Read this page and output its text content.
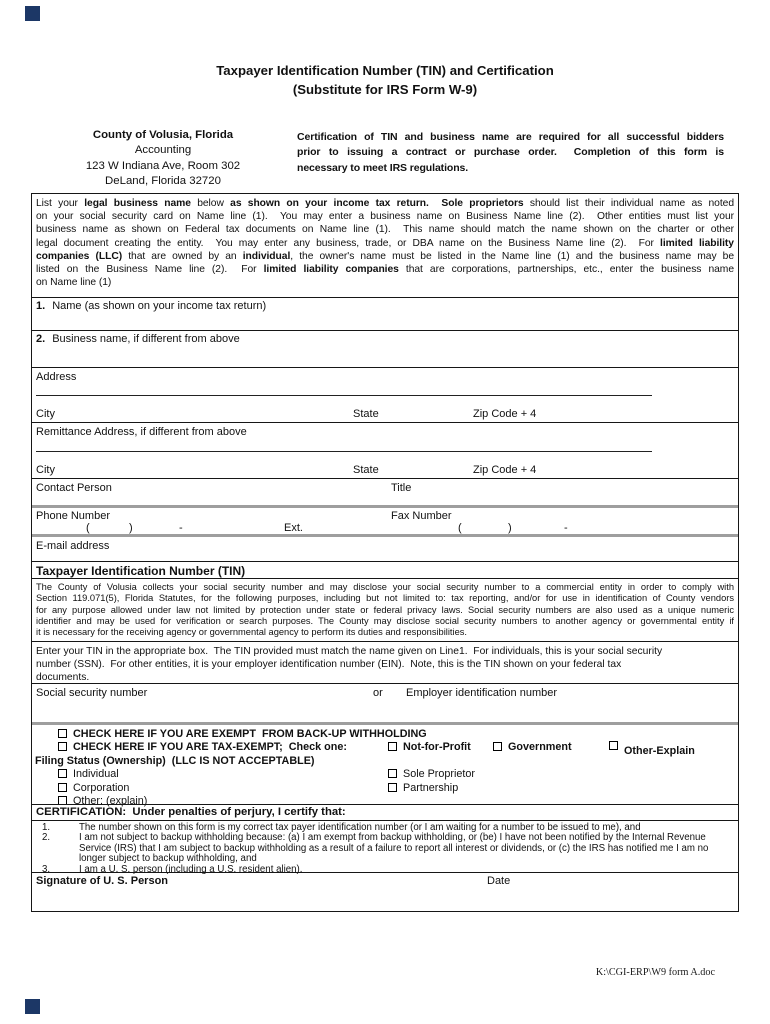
Taxpayer Identification Number (TIN) and Certification
(Substitute for IRS Form W-9)
County of Volusia, Florida
Accounting
123 W Indiana Ave, Room 302
DeLand, Florida 32720
Certification of TIN and business name are required for all successful bidders
prior to issuing a contract or purchase order.  Completion of this form is
necessary to meet IRS regulations.
List your legal business name below as shown on your income tax return.  Sole proprietors should list their individual name as noted
on your social security card on Name line (1).  You may enter a business name on Business Name line (2).  Other entities must list your
business name as shown on Federal tax documents on Name line (1).  This name should match the name shown on the charter or other
legal document creating the entity.  You may enter any business, trade, or DBA name on the Business Name line (2).  For limited liability
companies (LLC) that are owned by an individual, the owner's name must be listed in the Name line (1) and the business name may be
listed on the Business Name line (2).  For limited liability companies that are corporations, partnerships, etc., enter the business name
on Name line (1)
1. Name (as shown on your income tax return)
2. Business name, if different from above
Address
City	State	Zip Code + 4
Remittance Address, if different from above
City	State	Zip Code + 4
Contact Person	Title
Phone Number	Fax Number
(	)	-	Ext.	(	)	-
E-mail address
Taxpayer Identification Number (TIN)
The County of Volusia collects your social security number and may disclose your social security number to a commercial entity in order to comply with
Section 119.071(5), Florida Statutes, for the following purposes, including but not limited to: tax reporting, and/or for use in identification of County vendors
for any purpose allowed under law not limited by protection under state or federal privacy laws. Social security numbers are also used as a unique numeric
identifier and may be used for verification or search purposes. The County may disclose social security numbers to another agency or governmental entity if
it is necessary for the receiving agency or governmental agency to perform its duties and responsibilities.
Enter your TIN in the appropriate box.  The TIN provided must match the name given on Line1.  For individuals, this is your social security
number (SSN).  For other entities, it is your employer identification number (EIN).  Note, this is the TIN shown on your federal tax
documents.
Social security number	or Employer identification number
CHECK HERE IF YOU ARE EXEMPT  FROM BACK-UP WITHHOLDING
CHECK HERE IF YOU ARE TAX-EXEMPT;  Check one:	Not-for-Profit	Government	Other-Explain
Filing Status (Ownership)  (LLC IS NOT ACCEPTABLE)
Individual	Sole Proprietor
Corporation	Partnership
Other: (explain)
CERTIFICATION:  Under penalties of perjury, I certify that:
1.	The number shown on this form is my correct tax payer identification number (or I am waiting for a number to be issued to me), and
2.	I am not subject to backup withholding because: (a) I am exempt from backup withholding, or (be) I have not been notified by the Internal Revenue
Service (IRS) that I am subject to backup withholding as a result of a failure to report all interest or dividends, or (c) the IRS has notified me I am no
longer subject to backup withholding, and
3.	I am a U. S. person (including a U.S. resident alien).
Signature of U. S. Person	Date
K:\CGI-ERP\W9 form A.doc
